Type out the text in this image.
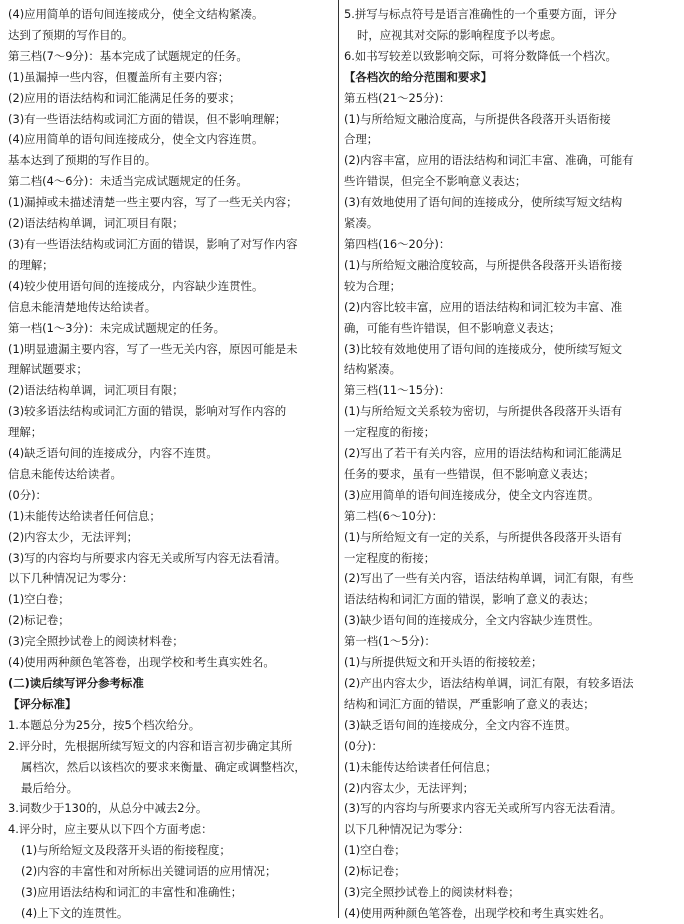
(4)应用简单的语句间连接成分，使全文结构紧凑。
达到了预期的写作目的。
第三档(7～9分)：基本完成了试题规定的任务。
(1)虽漏掉一些内容，但覆盖所有主要内容；
(2)应用的语法结构和词汇能满足任务的要求；
(3)有一些语法结构或词汇方面的错误，但不影响理解；
(4)应用简单的语句间连接成分，使全文内容连贯。
基本达到了预期的写作目的。
第二档(4～6分)：未适当完成试题规定的任务。
(1)漏掉或未描述清楚一些主要内容，写了一些无关内容；
(2)语法结构单调，词汇项目有限；
(3)有一些语法结构或词汇方面的错误，影响了对写作内容
的理解；
(4)较少使用语句间的连接成分，内容缺少连贯性。
信息未能清楚地传达给读者。
第一档(1～3分)：未完成试题规定的任务。
(1)明显遗漏主要内容，写了一些无关内容，原因可能是未
理解试题要求；
(2)语法结构单调，词汇项目有限；
(3)较多语法结构或词汇方面的错误，影响对写作内容的
理解；
(4)缺乏语句间的连接成分，内容不连贯。
信息未能传达给读者。
(0分)：
(1)未能传达给读者任何信息；
(2)内容太少，无法评判；
(3)写的内容均与所要求内容无关或所写内容无法看清。
以下几种情况记为零分：
(1)空白卷；
(2)标记卷；
(3)完全照抄试卷上的阅读材料卷；
(4)使用两种颜色笔答卷，出现学校和考生真实姓名。
(二)读后续写评分参考标准
【评分标准】
1.本题总分为25分，按5个档次给分。
2.评分时，先根据所续写短文的内容和语言初步确定其所
属档次，然后以该档次的要求来衡量、确定或调整档次，
最后给分。
3.词数少于130的，从总分中减去2分。
4.评分时，应主要从以下四个方面考虑：
(1)与所给短文及段落开头语的衔接程度；
(2)内容的丰富性和对所标出关键词语的应用情况；
(3)应用语法结构和词汇的丰富性和准确性；
(4)上下文的连贯性。
5.拼写与标点符号是语言准确性的一个重要方面，评分
时，应视其对交际的影响程度予以考虑。
6.如书写较差以致影响交际，可将分数降低一个档次。
【各档次的给分范围和要求】
第五档(21～25分)：
(1)与所给短文融洽度高，与所提供各段落开头语衔接
合理；
(2)内容丰富，应用的语法结构和词汇丰富、准确，可能有
些许错误，但完全不影响意义表达；
(3)有效地使用了语句间的连接成分，使所续写短文结构
紧凑。
第四档(16～20分)：
(1)与所给短文融洽度较高，与所提供各段落开头语衔接
较为合理；
(2)内容比较丰富，应用的语法结构和词汇较为丰富、准
确，可能有些许错误，但不影响意义表达；
(3)比较有效地使用了语句间的连接成分，使所续写短文
结构紧凑。
第三档(11～15分)：
(1)与所给短文关系较为密切，与所提供各段落开头语有
一定程度的衔接；
(2)写出了若干有关内容，应用的语法结构和词汇能满足
任务的要求，虽有一些错误，但不影响意义表达；
(3)应用简单的语句间连接成分，使全文内容连贯。
第二档(6～10分)：
(1)与所给短文有一定的关系，与所提供各段落开头语有
一定程度的衔接；
(2)写出了一些有关内容，语法结构单调，词汇有限，有些
语法结构和词汇方面的错误，影响了意义的表达；
(3)缺少语句间的连接成分，全文内容缺少连贯性。
第一档(1～5分)：
(1)与所提供短文和开头语的衔接较差；
(2)产出内容太少，语法结构单调，词汇有限，有较多语法
结构和词汇方面的错误，严重影响了意义的表达；
(3)缺乏语句间的连接成分，全文内容不连贯。
(0分)：
(1)未能传达给读者任何信息；
(2)内容太少，无法评判；
(3)写的内容均与所要求内容无关或所写内容无法看清。
以下几种情况记为零分：
(1)空白卷；
(2)标记卷；
(3)完全照抄试卷上的阅读材料卷；
(4)使用两种颜色笔答卷，出现学校和考生真实姓名。
